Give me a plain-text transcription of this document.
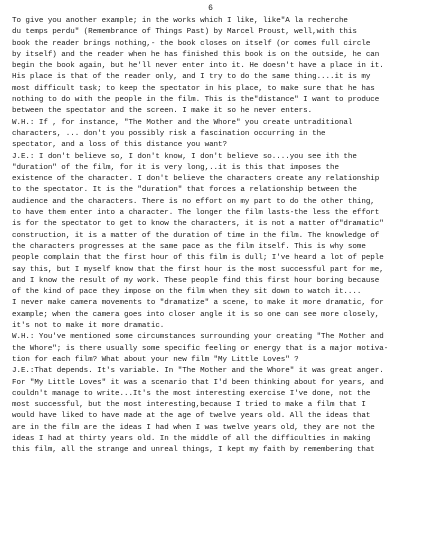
6
To give you another example; in the works which I like, like"A la recherche
du temps perdu" (Remembrance of Things Past) by Marcel Proust, well,with this
book the reader brings nothing,- the book closes on itself (or comes full circle
by itself) and the reader when he has finished this book is on the outside, he can
begin the book again, but he'll never enter into it. He doesn't have a place in it.
His place is that of the reader only, and I try to do the same thing....it is my
most difficult task; to keep the spectator in his place, to make sure that he has
nothing to do with the people in the film. This is the"distance" I want to produce
between the spectator and the screen. I make it so he never enters.
W.H.: If , for instance, "The Mother and the Whore" you create untraditional
characters, ... don't you possibly risk a fascination occurring in the
spectator, and a loss of this distance you want?
J.E.: I don't believe so, I don't know, I don't believe so....you see ith the
"duration" of the film, for it is very long,..it is this that imposes the
existence of the character. I don't believe the characters create any relationship
to the spectator. It is the "duration" that forces a relationship between the
audience and the characters. There is no effort on my part to do the other thing,
to have them enter into a character. The longer the film lasts-the less the effort
is for the spectator to get to know the characters, it is not a matter of"dramatic"
construction, it is a matter of the duration of time in the film. The knowledge of
the characters progresses at the same pace as the film itself. This is why some
people complain that the first hour of this film is dull; I've heard a lot of peple
say this, but I myself know that the first hour is the most successful part for me,
and I know the result of my work. These people find this first hour boring because
of the kind of pace they impose on the film when they sit down to watch it....
I never make camera movements to "dramatize" a scene, to make it more dramatic, for
example; when the camera goes into closer angle it is so one can see more closely,
it's not to make it more dramatic.
W.H.: You've mentioned some circumstances surrounding your creating "The Mother and
the Whore"; is there usually some specific feeling or energy that is a major motiva-
tion for each film? What about your new film "My Little Loves" ?
J.E.:That depends. It's variable. In "The Mother and the Whore" it was great anger.
For "My Little Loves" it was a scenario that I'd been thinking about for years, and
couldn't manage to write...It's the most interesting exercise I've done, not the
most successful, but the most interesting,because I tried to make a film that I
would have liked to have made at the age of twelve years old. All the ideas that
are in the film are the ideas I had when I was twelve years old, they are not the
ideas I had at thirty years old. In the middle of all the difficulties in making
this film, all the strange and unreal things, I kept my faith by remembering that
